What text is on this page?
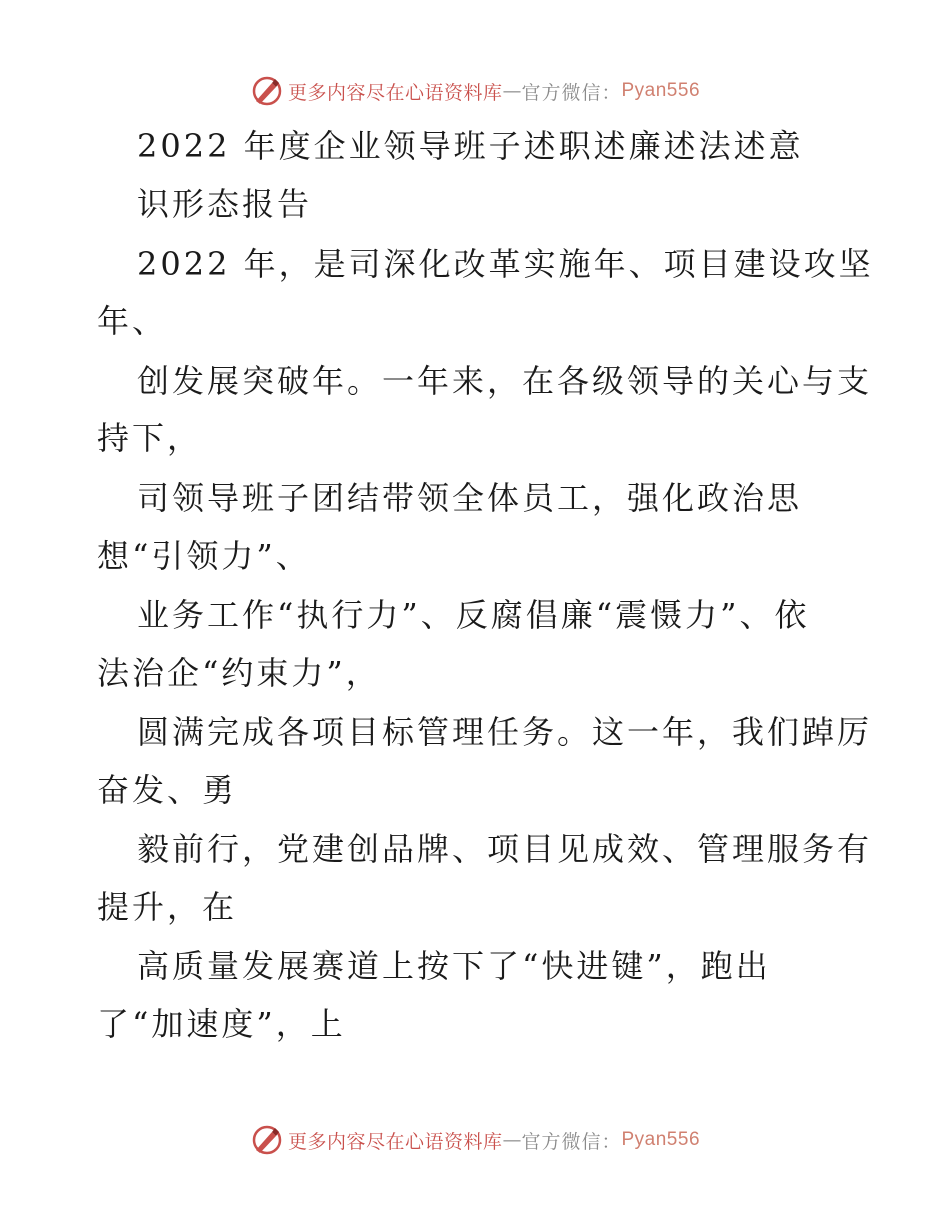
更多内容尽在心语资料库 — 官方微信： Pyan556
2022 年度企业领导班子述职述廉述法述意
识形态报告
2022 年，是司深化改革实施年、项目建设攻坚
年、
创发展突破年。一年来，在各级领导的关心与支
持下，
司领导班子团结带领全体员工，强化政治思
想“引领力”、
业务工作“执行力”、反腐倡廉“震慑力”、依
法治企“约束力”，
圆满完成各项目标管理任务。这一年，我们踔厉
奋发、勇
毅前行，党建创品牌、项目见成效、管理服务有
提升，在
高质量发展赛道上按下了“快进键”，跑出
了“加速度”，上
更多内容尽在心语资料库 — 官方微信： Pyan556
